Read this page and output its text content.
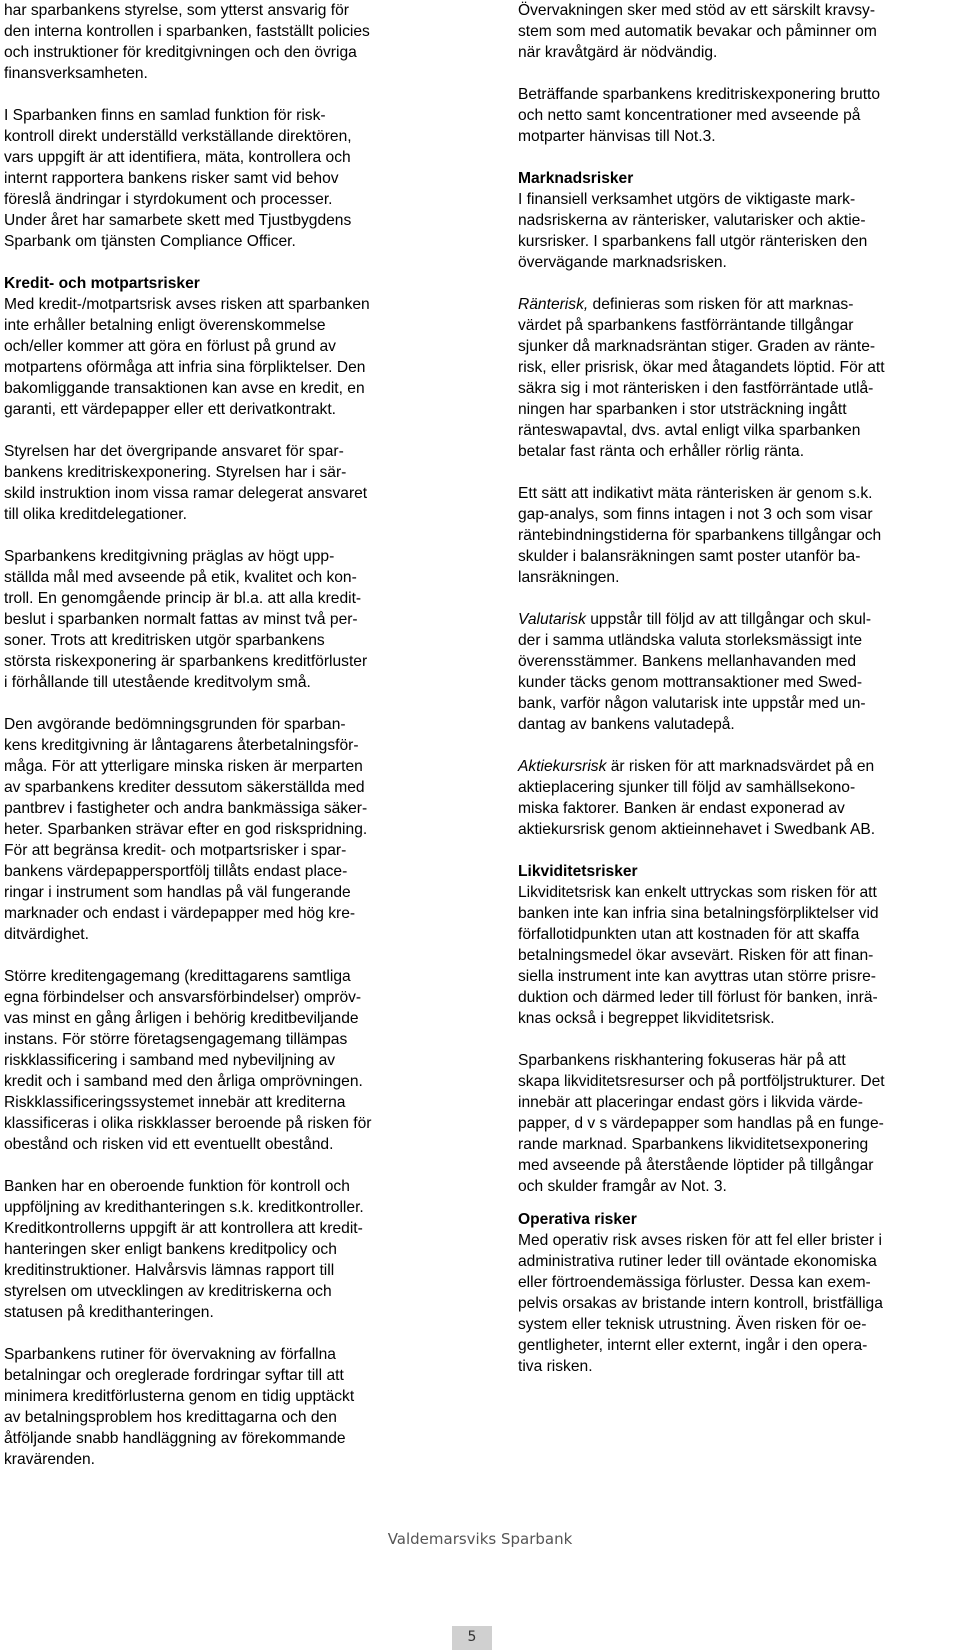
har sparbankens styrelse, som ytterst ansvarig för
den interna kontrollen i sparbanken, fastställt policies
och instruktioner för kreditgivningen och den övriga
finansverksamheten.

I Sparbanken finns en samlad funktion för risk-
kontroll direkt underställd verkställande direktören,
vars uppgift är att identifiera, mäta, kontrollera och
internt rapportera bankens risker samt vid behov
föreslå ändringar i styrdokument och processer.
Under året har samarbete skett med Tjustbygdens
Sparbank om tjänsten Compliance Officer.

Kredit- och motpartsrisker

Med kredit-/motpartsrisk avses risken att sparbanken
inte erhåller betalning enligt överenskommelse
och/eller kommer att göra en förlust på grund av
motpartens oförmåga att infria sina förpliktelser. Den
bakomliggande transaktionen kan avse en kredit, en
garanti, ett värdepapper eller ett derivatkontrakt.

Styrelsen har det övergripande ansvaret för spar-
bankens kreditriskexponering. Styrelsen har i sär-
skild instruktion inom vissa ramar delegerat ansvaret
till olika kreditdelegationer.

Sparbankens kreditgivning präglas av högt upp-
ställda mål med avseende på etik, kvalitet och kon-
troll. En genomgående princip är bl.a. att alla kredit-
beslut i sparbanken normalt fattas av minst två per-
soner. Trots att kreditrisken utgör sparbankens
största riskexponering är sparbankens kreditförluster
i förhållande till utestående kreditvolym små.

Den avgörande bedömningsgrunden för sparban-
kens kreditgivning är låntagarens återbetalningsför-
måga. För att ytterligare minska risken är merparten
av sparbankens krediter dessutom säkerställda med
pantbrev i fastigheter och andra bankmässiga säker-
heter. Sparbanken strävar efter en god riskspridning.
För att begränsa kredit- och motpartsrisker i spar-
bankens värdepappersportfölj tillåts endast place-
ringar i instrument som handlas på väl fungerande
marknader och endast i värdepapper med hög kre-
ditvärdighet.

Större kreditengagemang (kredittagarens samtliga
egna förbindelser och ansvarsförbindelser) ompröv-
vas minst en gång årligen i behörig kreditbeviljande
instans. För större företagsengagemang tillämpas
riskklassificering i samband med nybeviljning av
kredit och i samband med den årliga omprövningen.
Riskklassificeringssystemet innebär att krediterna
klassificeras i olika riskklasser beroende på risken för
obestånd och risken vid ett eventuellt obestånd.

Banken har en oberoende funktion för kontroll och
uppföljning av kredithanteringen s.k. kreditkontroller.
Kreditkontrollerns uppgift är att kontrollera att kredit-
hanteringen sker enligt bankens kreditpolicy och
kreditinstruktioner. Halvårsvis lämnas rapport till
styrelsen om utvecklingen av kreditriskerna och
statusen på kredithanteringen.

Sparbankens rutiner för övervakning av förfallna
betalningar och oreglerade fordringar syftar till att
minimera kreditförlusterna genom en tidig upptäckt
av betalningsproblem hos kredittagarna och den
åtföljande snabb handläggning av förekommande
kravärenden.

Övervakningen sker med stöd av ett särskilt kravsy-
stem som med automatik bevakar och påminner om
när kravåtgärd är nödvändig.

Beträffande sparbankens kreditriskexponering brutto
och netto samt koncentrationer med avseende på
motparter hänvisas till Not.3.

Marknadsrisker

I finansiell verksamhet utgörs de viktigaste mark-
nadsriskerna av ränterisker, valutarisker och aktie-
kursrisker. I sparbankens fall utgör ränterisken den
övervägande marknadsrisken.

Ränterisk, definieras som risken för att marknas-
värdet på sparbankens fastförräntande tillgångar
sjunker då marknadsräntan stiger. Graden av ränte-
risk, eller prisrisk, ökar med åtagandets löptid. För att
säkra sig i mot ränterisken i den fastförräntade utlå-
ningen har sparbanken i stor utsträckning ingått
ränteswapavtal, dvs. avtal enligt vilka sparbanken
betalar fast ränta och erhåller rörlig ränta.

Ett sätt att indikativt mäta ränterisken är genom s.k.
gap-analys, som finns intagen i not 3 och som visar
räntebindningstiderna för sparbankens tillgångar och
skulder i balansräkningen samt poster utanför ba-
lansräkningen.

Valutarisk uppstår till följd av att tillgångar och skul-
der i samma utländska valuta storleksmässigt inte
överensstämmer. Bankens mellanhavanden med
kunder täcks genom mottransaktioner med Swed-
bank, varför någon valutarisk inte uppstår med un-
dantag av bankens valutadepå.

Aktiekursrisk är risken för att marknadsvärdet på en
aktieplacering sjunker till följd av samhällsekono-
miska faktorer. Banken är endast exponerad av
aktiekursrisk genom aktieinnehavet i Swedbank AB.

Likviditetsrisker

Likviditetsrisk kan enkelt uttryckas som risken för att
banken inte kan infria sina betalningsförpliktelser vid
förfallotidpunkten utan att kostnaden för att skaffa
betalningsmedel ökar avsevärt. Risken för att finan-
siella instrument inte kan avyttras utan större prisre-
duktion och därmed leder till förlust för banken, inrä-
knas också i begreppet likviditetsrisk.

Sparbankens riskhantering fokuseras här på att
skapa likviditetsresurser och på portföljstrukturer. Det
innebär att placeringar endast görs i likvida värde-
papper, d v s värdepapper som handlas på en funge-
rande marknad. Sparbankens likviditetsexponering
med avseende på återstående löptider på tillgångar
och skulder framgår av Not. 3.

Operativa risker

Med operativ risk avses risken för att fel eller brister i
administrativa rutiner leder till oväntade ekonomiska
eller förtroendemässiga förluster. Dessa kan exem-
pelvis orsakas av bristande intern kontroll, bristfälliga
system eller teknisk utrustning. Även risken för oe-
gentligheter, internt eller externt, ingår i den opera-
tiva risken.

Valdemarsviks Sparbank
5
